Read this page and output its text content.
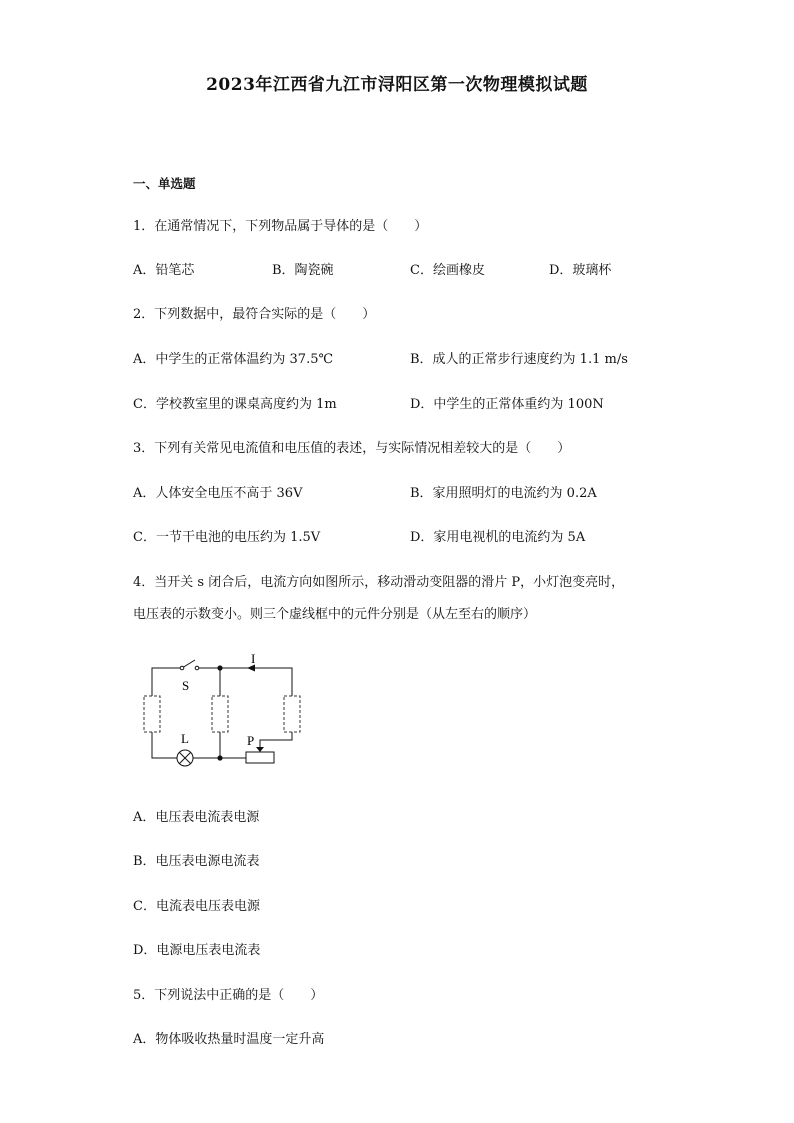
2023年江西省九江市浔阳区第一次物理模拟试题
一、单选题
1．在通常情况下，下列物品属于导体的是（　　）
A．铅笔芯	B．陶瓷碗	C．绘画橡皮	D．玻璃杯
2．下列数据中，最符合实际的是（　　）
A．中学生的正常体温约为 37.5℃	B．成人的正常步行速度约为 1.1 m/s
C．学校教室里的课桌高度约为 1m	D．中学生的正常体重约为 100N
3．下列有关常见电流值和电压值的表述，与实际情况相差较大的是（　　）
A．人体安全电压不高于 36V	B．家用照明灯的电流约为 0.2A
C．一节干电池的电压约为 1.5V	D．家用电视机的电流约为 5A
4．当开关 s 闭合后，电流方向如图所示，移动滑动变阻器的滑片 P，小灯泡变亮时，
电压表的示数变小。则三个虚线框中的元件分别是（从左至右的顺序）
I
S
L	P
A．电压表电流表电源
B．电压表电源电流表
C．电流表电压表电源
D．电源电压表电流表
5．下列说法中正确的是（　　）
A．物体吸收热量时温度一定升高
